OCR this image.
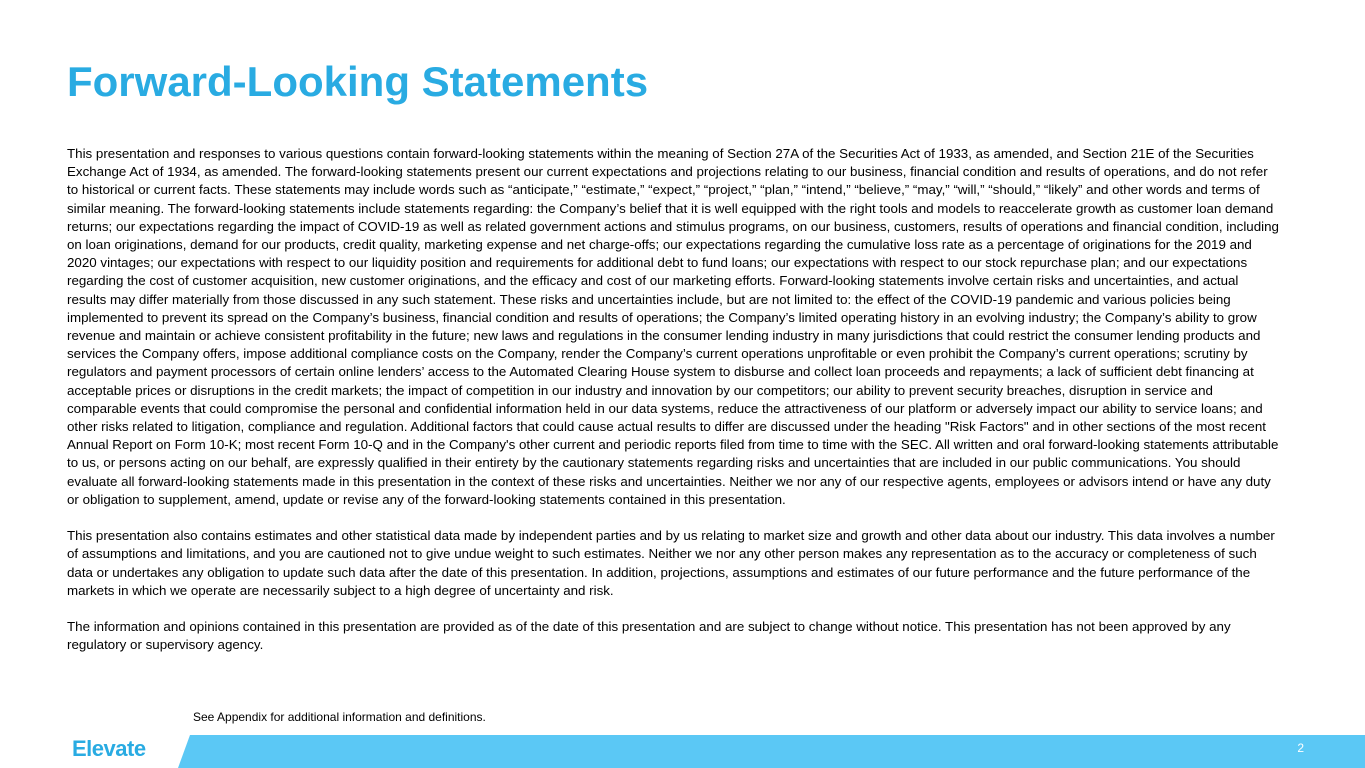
Forward-Looking Statements

This presentation and responses to various questions contain forward-looking statements within the meaning of Section 27A of the Securities Act of 1933, as amended, and Section 21E of the Securities Exchange Act of 1934, as amended. The forward-looking statements present our current expectations and projections relating to our business, financial condition and results of operations, and do not refer to historical or current facts. These statements may include words such as “anticipate,” “estimate,” “expect,” “project,” “plan,” “intend,” “believe,” “may,” “will,” “should,” “likely” and other words and terms of similar meaning. The forward-looking statements include statements regarding: the Company’s belief that it is well equipped with the right tools and models to reaccelerate growth as customer loan demand returns; our expectations regarding the impact of COVID-19 as well as related government actions and stimulus programs, on our business, customers, results of operations and financial condition, including on loan originations, demand for our products, credit quality, marketing expense and net charge-offs; our expectations regarding the cumulative loss rate as a percentage of originations for the 2019 and 2020 vintages; our expectations with respect to our liquidity position and requirements for additional debt to fund loans; our expectations with respect to our stock repurchase plan; and our expectations regarding the cost of customer acquisition, new customer originations, and the efficacy and cost of our marketing efforts. Forward-looking statements involve certain risks and uncertainties, and actual results may differ materially from those discussed in any such statement. These risks and uncertainties include, but are not limited to: the effect of the COVID-19 pandemic and various policies being implemented to prevent its spread on the Company’s business, financial condition and results of operations; the Company’s limited operating history in an evolving industry; the Company’s ability to grow revenue and maintain or achieve consistent profitability in the future; new laws and regulations in the consumer lending industry in many jurisdictions that could restrict the consumer lending products and services the Company offers, impose additional compliance costs on the Company, render the Company’s current operations unprofitable or even prohibit the Company’s current operations; scrutiny by regulators and payment processors of certain online lenders’ access to the Automated Clearing House system to disburse and collect loan proceeds and repayments; a lack of sufficient debt financing at acceptable prices or disruptions in the credit markets; the impact of competition in our industry and innovation by our competitors; our ability to prevent security breaches, disruption in service and comparable events that could compromise the personal and confidential information held in our data systems, reduce the attractiveness of our platform or adversely impact our ability to service loans; and other risks related to litigation, compliance and regulation. Additional factors that could cause actual results to differ are discussed under the heading "Risk Factors" and in other sections of the most recent Annual Report on Form 10-K; most recent Form 10-Q and in the Company's other current and periodic reports filed from time to time with the SEC. All written and oral forward-looking statements attributable to us, or persons acting on our behalf, are expressly qualified in their entirety by the cautionary statements regarding risks and uncertainties that are included in our public communications. You should evaluate all forward-looking statements made in this presentation in the context of these risks and uncertainties. Neither we nor any of our respective agents, employees or advisors intend or have any duty or obligation to supplement, amend, update or revise any of the forward-looking statements contained in this presentation.

This presentation also contains estimates and other statistical data made by independent parties and by us relating to market size and growth and other data about our industry. This data involves a number of assumptions and limitations, and you are cautioned not to give undue weight to such estimates. Neither we nor any other person makes any representation as to the accuracy or completeness of such data or undertakes any obligation to update such data after the date of this presentation. In addition, projections, assumptions and estimates of our future performance and the future performance of the markets in which we operate are necessarily subject to a high degree of uncertainty and risk.

The information and opinions contained in this presentation are provided as of the date of this presentation and are subject to change without notice. This presentation has not been approved by any regulatory or supervisory agency.

See Appendix for additional information and definitions.
Elevate	2
